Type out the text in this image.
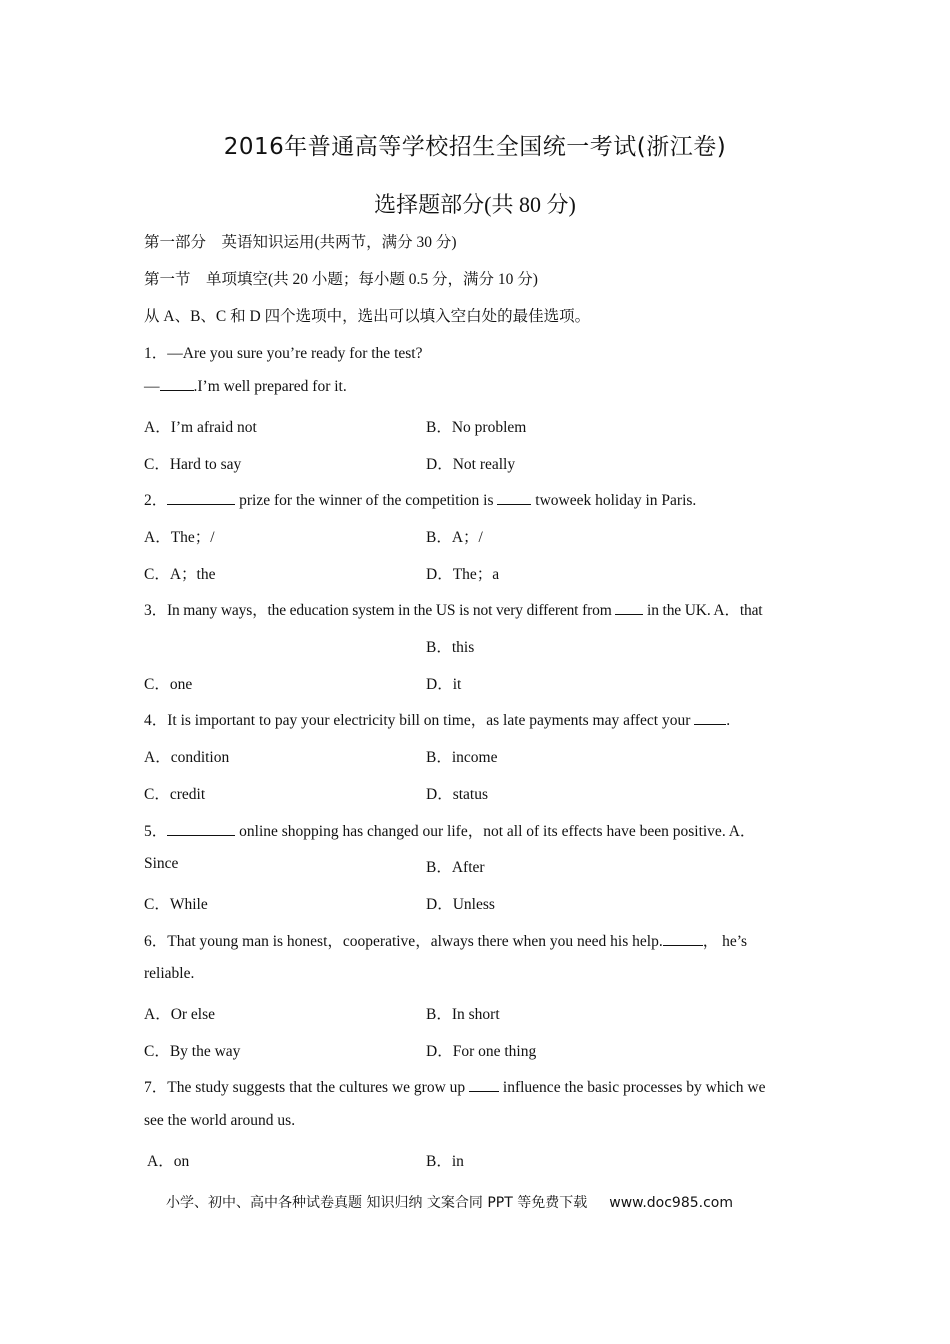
2016年普通高等学校招生全国统一考试(浙江卷)
选择题部分(共 80 分)
第一部分　英语知识运用(共两节，满分 30 分)
第一节　单项填空(共 20 小题；每小题 0.5 分，满分 10 分)
从 A、B、C 和 D 四个选项中，选出可以填入空白处的最佳选项。
1．—Are you sure you’re ready for the test?
— .I’m well prepared for it.
A．I’m afraid not	B．No problem
C．Hard to say	D．Not really
2．	prize for the winner of the competition is  twoweek holiday in Paris.
A．The；/	B．A；/
C．A；the	D．The；a
3．In many ways，the education system in the US is not very different from  in the UK. A．that
B．this
C．one	D．it
4．It is important to pay your electricity bill on time，as late payments may affect your .
A．condition	B．income
C．credit	D．status
5．	online shopping has changed our life，not all of its effects have been positive. A．
Since	B．After
C．While	D．Unless
6．That young man is honest，cooperative，always there when you need his help.	， he’s
reliable.
A．Or else	B．In short
C．By the way	D．For one thing
7．The study suggests that the cultures we grow up  influence the basic processes by which we
see the world around us.
A．on	B．in
小学、初中、高中各种试卷真题 知识归纳 文案合同 PPT 等免费下载 www.doc985.com
